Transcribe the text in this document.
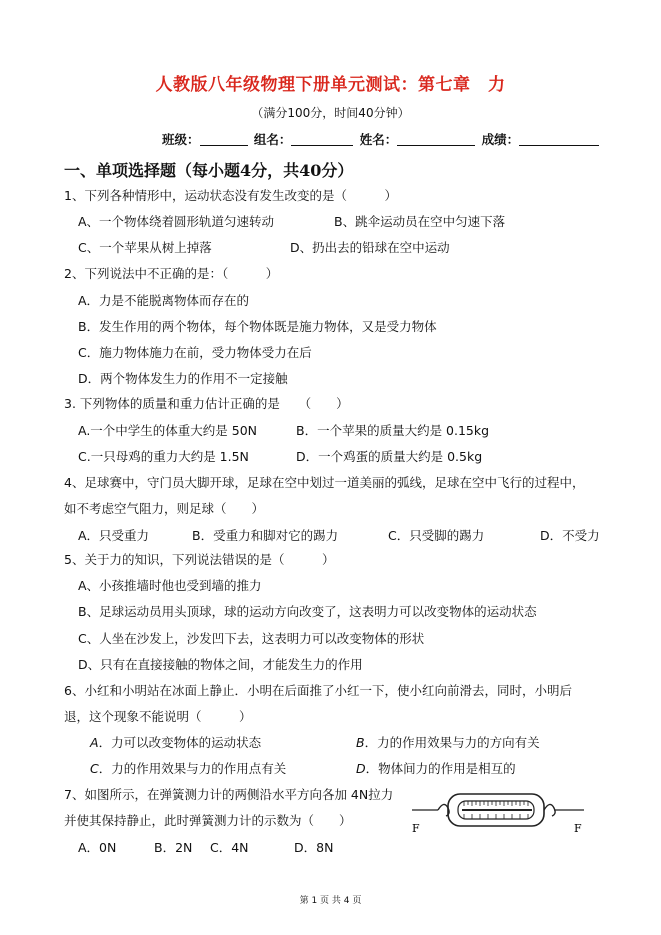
人教版八年级物理下册单元测试：第七章　力
（满分100分，时间40分钟）
班级：	组名：	姓名：	成绩：
一、单项选择题（每小题4分，共40分）
1、下列各种情形中，运动状态没有发生改变的是（　　　）
A、一个物体绕着圆形轨道匀速转动	B、跳伞运动员在空中匀速下落
C、一个苹果从树上掉落	D、扔出去的铅球在空中运动
2、下列说法中不正确的是：（　　　）
A．力是不能脱离物体而存在的
B．发生作用的两个物体，每个物体既是施力物体，又是受力物体
C．施力物体施力在前，受力物体受力在后
D．两个物体发生力的作用不一定接触
3. 下列物体的质量和重力估计正确的是　　（　　）
A.一个中学生的体重大约是 50N	B．一个苹果的质量大约是 0.15kg
C.一只母鸡的重力大约是 1.5N	D．一个鸡蛋的质量大约是 0.5kg
4、足球赛中，守门员大脚开球，足球在空中划过一道美丽的弧线，足球在空中飞行的过程中，
如不考虑空气阻力，则足球（　　）
A．只受重力	B．受重力和脚对它的踢力	C．只受脚的踢力	D．不受力
5、关于力的知识，下列说法错误的是（　　　）
A、小孩推墙时他也受到墙的推力
B、足球运动员用头顶球，球的运动方向改变了，这表明力可以改变物体的运动状态
C、人坐在沙发上，沙发凹下去，这表明力可以改变物体的形状
D、只有在直接接触的物体之间，才能发生力的作用
6、小红和小明站在冰面上静止．小明在后面推了小红一下，使小红向前滑去，同时，小明后
退，这个现象不能说明（　　　）
A．力可以改变物体的运动状态	B．力的作用效果与力的方向有关
C．力的作用效果与力的作用点有关	D．物体间力的作用是相互的
7、如图所示，在弹簧测力计的两侧沿水平方向各加 4N拉力
并使其保持静止，此时弹簧测力计的示数为（　　）
A．0N	B．2N C．4N	D．8N
F	F
第 1 页 共 4 页
